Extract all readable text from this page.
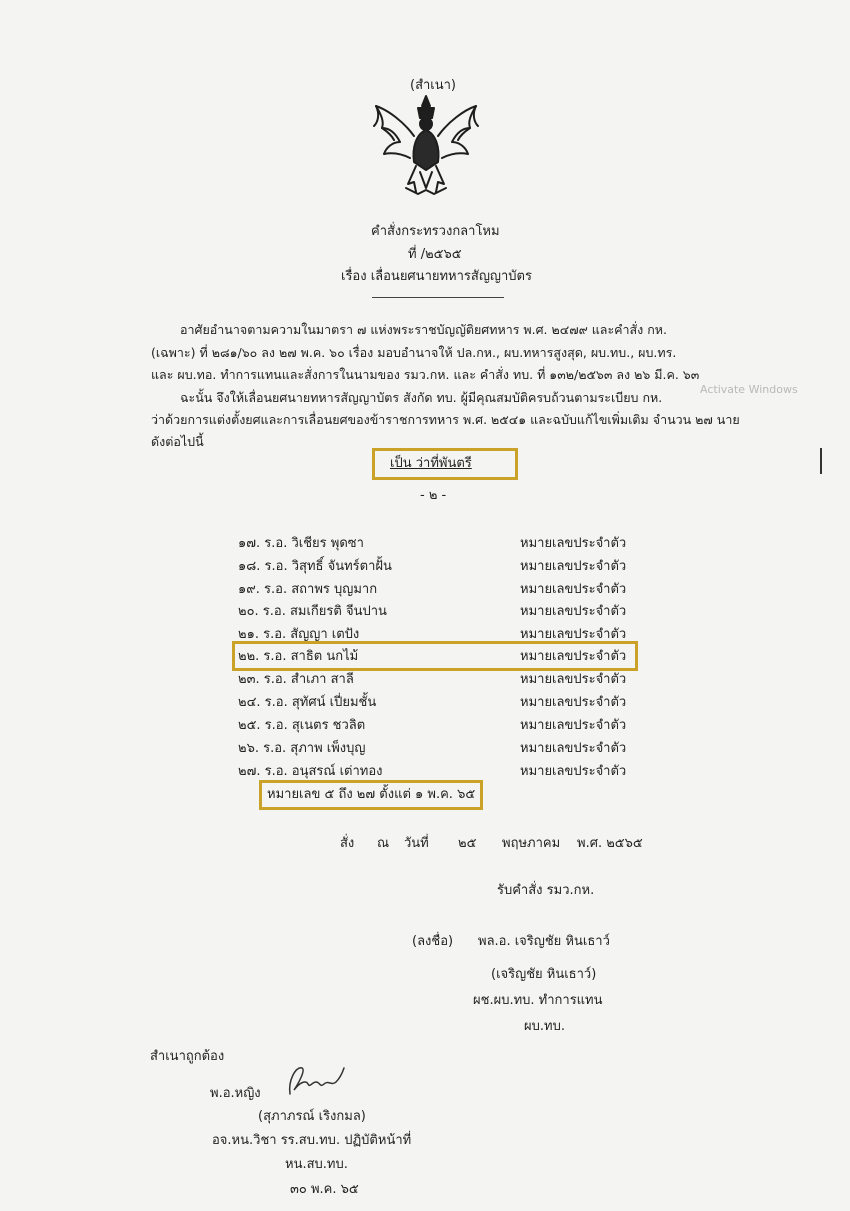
(สำเนา)
คำสั่งกระทรวงกลาโหม
ที่ /๒๕๖๕
เรื่อง เลื่อนยศนายทหารสัญญาบัตร
อาศัยอำนาจตามความในมาตรา ๗ แห่งพระราชบัญญัติยศทหาร พ.ศ. ๒๔๗๙ และคำสั่ง กห.
(เฉพาะ) ที่ ๒๘๑/๖๐ ลง ๒๗ พ.ค. ๖๐ เรื่อง มอบอำนาจให้ ปล.กห., ผบ.ทหารสูงสุด, ผบ.ทบ., ผบ.ทร.
และ ผบ.ทอ. ทำการแทนและสั่งการในนามของ รมว.กห. และ คำสั่ง ทบ. ที่ ๑๓๒/๒๕๖๓ ลง ๒๖ มี.ค. ๖๓
ฉะนั้น จึงให้เลื่อนยศนายทหารสัญญาบัตร สังกัด ทบ. ผู้มีคุณสมบัติครบถ้วนตามระเบียบ กห.
ว่าด้วยการแต่งตั้งยศและการเลื่อนยศของข้าราชการทหาร พ.ศ. ๒๕๔๑ และฉบับแก้ไขเพิ่มเติม จำนวน ๒๗ นาย
ดังต่อไปนี้
Activate Windows
เป็น ว่าที่พันตรี
- ๒ -
๑๗. ร.อ. วิเชียร พุดซา	หมายเลขประจำตัว
๑๘. ร.อ. วิสุทธิ์ จันทร์ตาฝั้น	หมายเลขประจำตัว
๑๙. ร.อ. สถาพร บุญมาก	หมายเลขประจำตัว
๒๐. ร.อ. สมเกียรติ จีนปาน	หมายเลขประจำตัว
๒๑. ร.อ. สัญญา เตปัง	หมายเลขประจำตัว
๒๒. ร.อ. สาธิต นกไม้	หมายเลขประจำตัว
๒๓. ร.อ. สำเภา สาลี	หมายเลขประจำตัว
๒๔. ร.อ. สุทัศน์ เปี่ยมชั้น	หมายเลขประจำตัว
๒๕. ร.อ. สุเนตร ชวลิต	หมายเลขประจำตัว
๒๖. ร.อ. สุภาพ เพ็งบุญ	หมายเลขประจำตัว
๒๗. ร.อ. อนุสรณ์ เต่าทอง	หมายเลขประจำตัว
หมายเลข ๕ ถึง ๒๗ ตั้งแต่ ๑ พ.ค. ๖๕
สั่ง ณ วันที่ ๒๕ พฤษภาคม พ.ศ. ๒๕๖๕
รับคำสั่ง รมว.กห.
(ลงชื่อ) พล.อ. เจริญชัย หินเธาว์
(เจริญชัย หินเธาว์)
ผช.ผบ.ทบ. ทำการแทน
ผบ.ทบ.
สำเนาถูกต้อง
พ.อ.หญิง
(สุภาภรณ์ เริงกมล)
อจ.หน.วิชา รร.สบ.ทบ. ปฏิบัติหน้าที่
หน.สบ.ทบ.
๓๐ พ.ค. ๖๕
